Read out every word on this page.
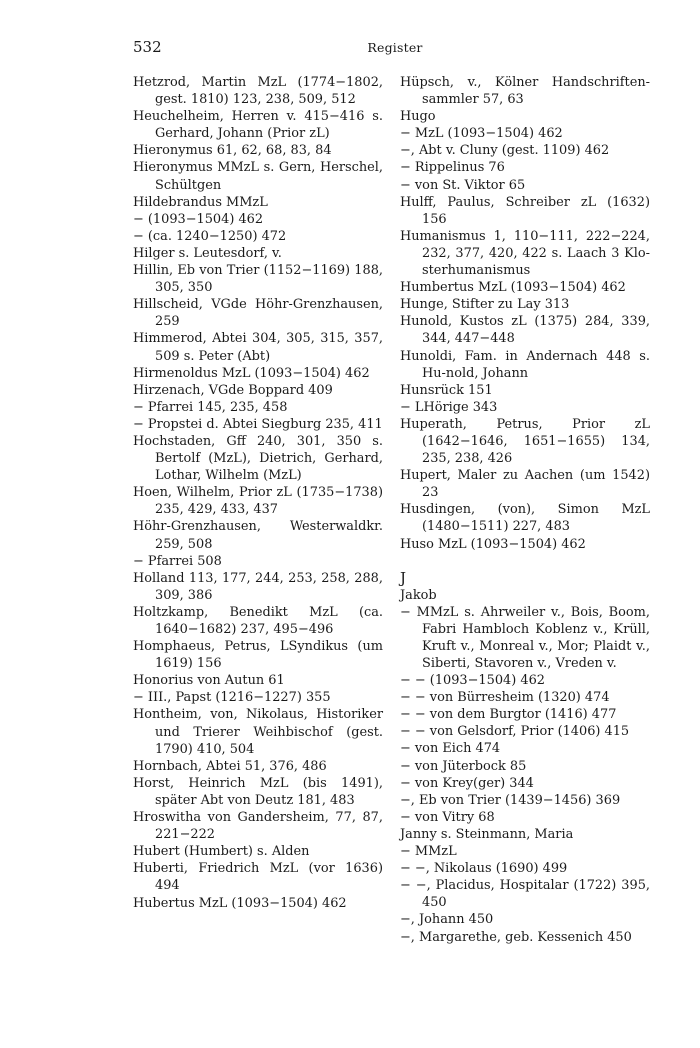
532	Register
Hetzrod, Martin MzL (1774−1802, gest. 1810) 123, 238, 509, 512
Heuchelheim, Herren v. 415−416 s. Gerhard, Johann (Prior zL)
Hieronymus 61, 62, 68, 83, 84
Hieronymus MMzL s. Gern, Herschel, Schültgen
Hildebrandus MMzL
− (1093−1504) 462
− (ca. 1240−1250) 472
Hilger s. Leutesdorf, v.
Hillin, Eb von Trier (1152−1169) 188, 305, 350
Hillscheid, VGde Höhr-Grenzhausen, 259
Himmerod, Abtei 304, 305, 315, 357, 509 s. Peter (Abt)
Hirmenoldus MzL (1093−1504) 462
Hirzenach, VGde Boppard 409
− Pfarrei 145, 235, 458
− Propstei d. Abtei Siegburg 235, 411
Hochstaden, Gff 240, 301, 350 s. Bertolf (MzL), Dietrich, Gerhard, Lothar, Wilhelm (MzL)
Hoen, Wilhelm, Prior zL (1735−1738) 235, 429, 433, 437
Höhr-Grenzhausen, Westerwaldkr. 259, 508
− Pfarrei 508
Holland 113, 177, 244, 253, 258, 288, 309, 386
Holtzkamp, Benedikt MzL (ca. 1640−1682) 237, 495−496
Homphaeus, Petrus, LSyndikus (um 1619) 156
Honorius von Autun 61
− III., Papst (1216−1227) 355
Hontheim, von, Nikolaus, Historiker und Trierer Weihbischof (gest. 1790) 410, 504
Hornbach, Abtei 51, 376, 486
Horst, Heinrich MzL (bis 1491), später Abt von Deutz 181, 483
Hroswitha von Gandersheim, 77, 87, 221−222
Hubert (Humbert) s. Alden
Huberti, Friedrich MzL (vor 1636) 494
Hubertus MzL (1093−1504) 462
Hüpsch, v., Kölner Handschriften-sammler 57, 63
Hugo
− MzL (1093−1504) 462
−, Abt v. Cluny (gest. 1109) 462
− Rippelinus 76
− von St. Viktor 65
Hulff, Paulus, Schreiber zL (1632) 156
Humanismus 1, 110−111, 222−224, 232, 377, 420, 422 s. Laach 3 Klo-sterhumanismus
Humbertus MzL (1093−1504) 462
Hunge, Stifter zu Lay 313
Hunold, Kustos zL (1375) 284, 339, 344, 447−448
Hunoldi, Fam. in Andernach 448 s. Hu-nold, Johann
Hunsrück 151
− LHörige 343
Huperath, Petrus, Prior zL (1642−1646, 1651−1655) 134, 235, 238, 426
Hupert, Maler zu Aachen (um 1542) 23
Husdingen, (von), Simon MzL (1480−1511) 227, 483
Huso MzL (1093−1504) 462
J
Jakob
− MMzL s. Ahrweiler v., Bois, Boom, Fabri Hambloch Koblenz v., Krüll, Kruft v., Monreal v., Mor; Plaidt v., Siberti, Stavoren v., Vreden v.
− − (1093−1504) 462
− − von Bürresheim (1320) 474
− − von dem Burgtor (1416) 477
− − von Gelsdorf, Prior (1406) 415
− von Eich 474
− von Jüterbock 85
− von Krey(ger) 344
−, Eb von Trier (1439−1456) 369
− von Vitry 68
Janny s. Steinmann, Maria
− MMzL
− −, Nikolaus (1690) 499
− −, Placidus, Hospitalar (1722) 395, 450
−, Johann 450
−, Margarethe, geb. Kessenich 450
